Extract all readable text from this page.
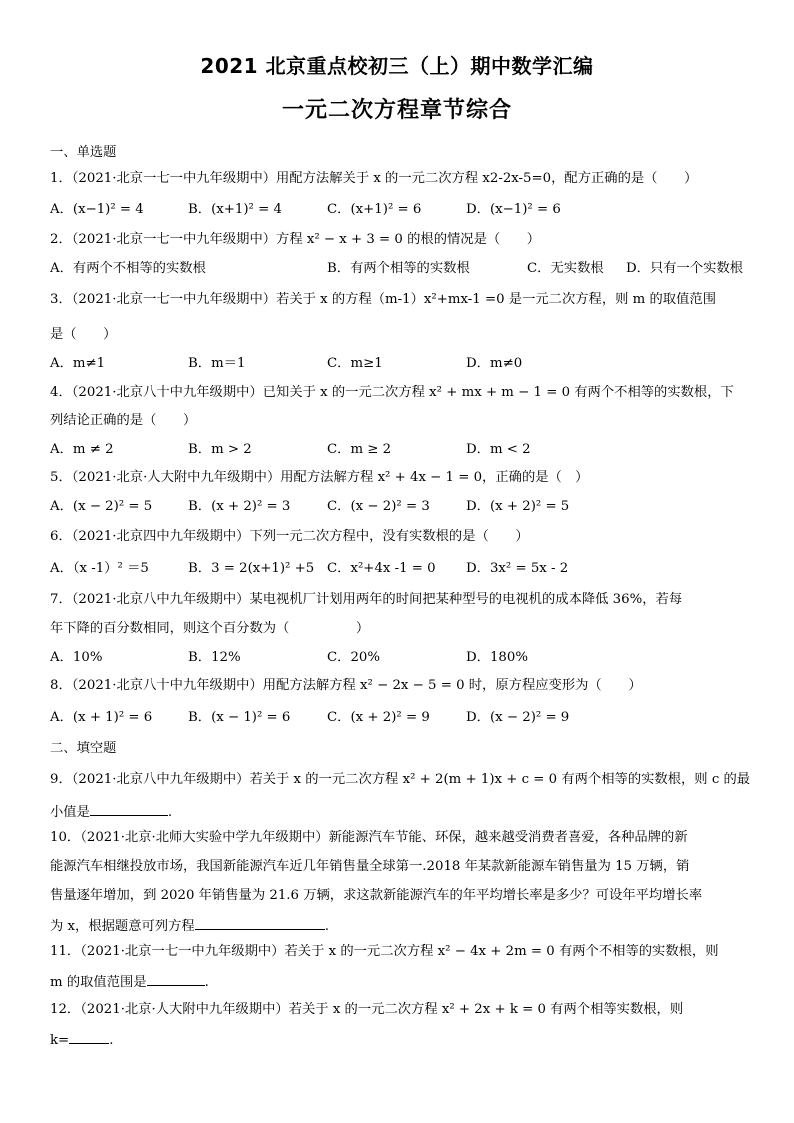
2021 北京重点校初三（上）期中数学汇编
一元二次方程章节综合
一、单选题
1．（2021·北京一七一中九年级期中）用配方法解关于 x 的一元二次方程 x2-2x-5=0，配方正确的是（　　）
A．(x−1)² = 4	B．(x+1)² = 4	C．(x+1)² = 6	D．(x−1)² = 6
2．（2021·北京一七一中九年级期中）方程 x² − x + 3 = 0 的根的情况是（　　）
A．有两个不相等的实数根	B．有两个相等的实数根	C．无实数根 D．只有一个实数根
3．（2021·北京一七一中九年级期中）若关于 x 的方程（m-1）x²+mx-1 =0 是一元二次方程，则 m 的取值范围
是（　　）
A．m≠1	B．m＝1	C．m≥1	D．m≠0
4．（2021·北京八十中九年级期中）已知关于 x 的一元二次方程 x² + mx + m − 1 = 0 有两个不相等的实数根，下
列结论正确的是（　　）
A．m ≠ 2	B．m > 2	C．m ≥ 2	D．m < 2
5．（2021·北京·人大附中九年级期中）用配方法解方程 x² + 4x − 1 = 0，正确的是（　）
A．(x − 2)² = 5	B．(x + 2)² = 3	C．(x − 2)² = 3	D．(x + 2)² = 5
6．（2021·北京四中九年级期中）下列一元二次方程中，没有实数根的是（　　）
A．（x -1）² ＝5	B．3 = 2(x+1)² +5 C．x²+4x -1 = 0 D．3x² = 5x - 2
7．（2021·北京八中九年级期中）某电视机厂计划用两年的时间把某种型号的电视机的成本降低 36%，若每
年下降的百分数相同，则这个百分数为（　　　　　）
A．10%	B．12%	C．20%	D．180%
8．（2021·北京八十中九年级期中）用配方法解方程 x² − 2x − 5 = 0 时，原方程应变形为（　　）
A．(x + 1)² = 6	B．(x − 1)² = 6	C．(x + 2)² = 9	D．(x − 2)² = 9
二、填空题
9．（2021·北京八中九年级期中）若关于 x 的一元二次方程 x² + 2(m + 1)x + c = 0 有两个相等的实数根，则 c 的最
小值是	.
10．（2021·北京·北师大实验中学九年级期中）新能源汽车节能、环保，越来越受消费者喜爱，各种品牌的新
能源汽车相继投放市场，我国新能源汽车近几年销售量全球第一.2018 年某款新能源车销售量为 15 万辆，销
售量逐年增加，到 2020 年销售量为 21.6 万辆，求这款新能源汽车的年平均增长率是多少？可设年平均增长率
为 x，根据题意可列方程	.
11．（2021·北京一七一中九年级期中）若关于 x 的一元二次方程 x² − 4x + 2m = 0 有两个不相等的实数根，则
m 的取值范围是	.
12．（2021·北京·人大附中九年级期中）若关于 x 的一元二次方程 x² + 2x + k = 0 有两个相等实数根，则
k=	.
